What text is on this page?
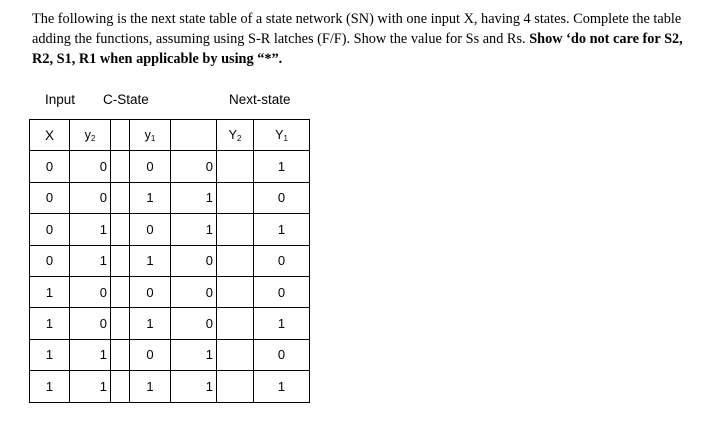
The following is the next state table of a state network (SN) with one input X, having 4 states. Complete the table adding the functions, assuming using S-R latches (F/F). Show the value for Ss and Rs. Show ‘do not care for S2, R2, S1, R1 when applicable by using “*”.
Input C-State	Next-state
X	$y_2$		$y_1$		$Y_2$	$Y_1$
0	0		0	0		1
0	0		1	1		0
0	1		0	1		1
0	1		1	0		0
1	0		0	0		0
1	0		1	0		1
1	1		0	1		0
1	1		1	1		1
